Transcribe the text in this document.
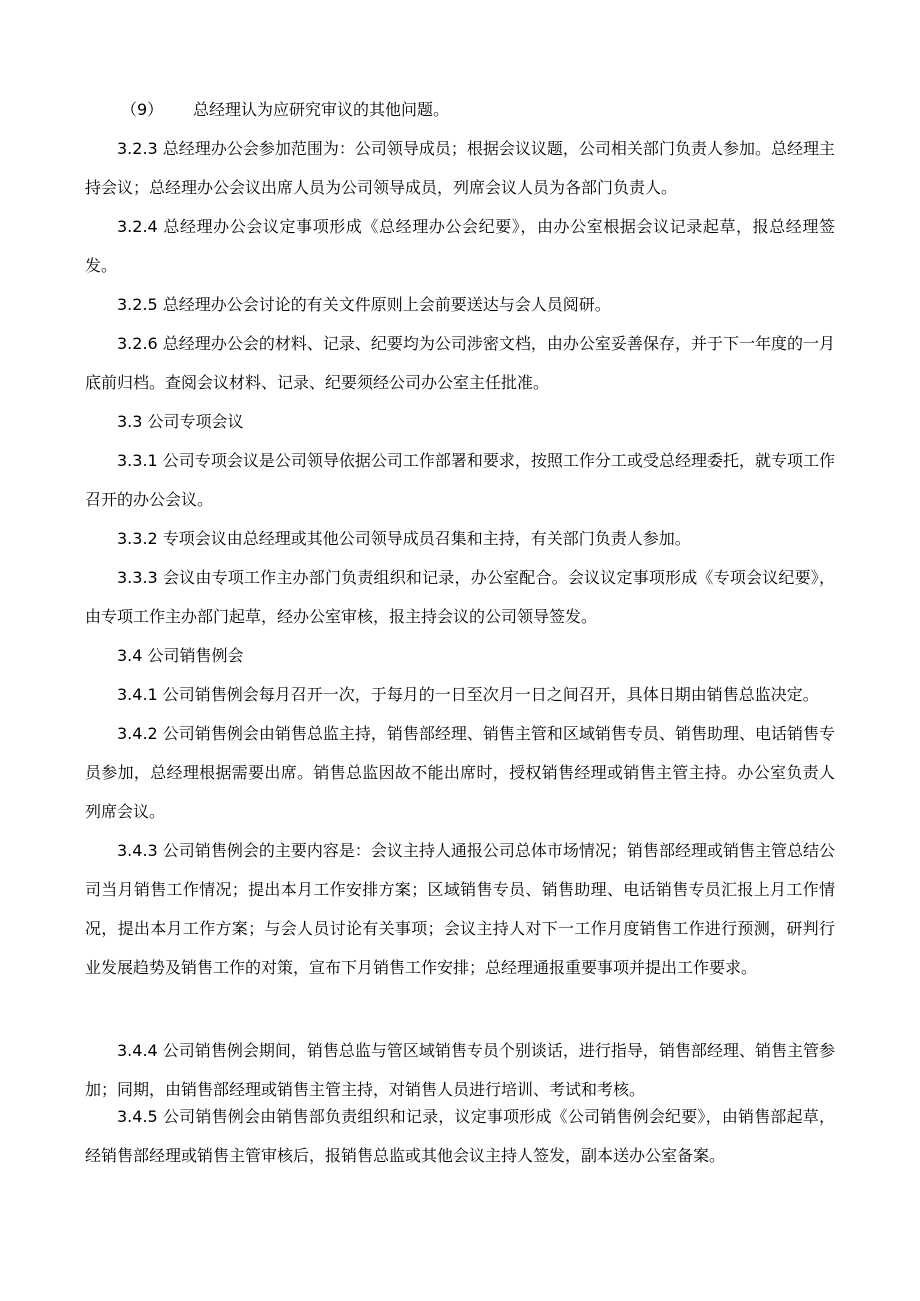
（9） 总经理认为应研究审议的其他问题。
3.2.3 总经理办公会参加范围为：公司领导成员；根据会议议题，公司相关部门负责人参加。总经理主持会议；总经理办公会议出席人员为公司领导成员，列席会议人员为各部门负责人。
3.2.4 总经理办公会议定事项形成《总经理办公会纪要》，由办公室根据会议记录起草，报总经理签发。
3.2.5 总经理办公会讨论的有关文件原则上会前要送达与会人员阅研。
3.2.6 总经理办公会的材料、记录、纪要均为公司涉密文档，由办公室妥善保存，并于下一年度的一月底前归档。查阅会议材料、记录、纪要须经公司办公室主任批准。
3.3 公司专项会议
3.3.1 公司专项会议是公司领导依据公司工作部署和要求，按照工作分工或受总经理委托，就专项工作召开的办公会议。
3.3.2 专项会议由总经理或其他公司领导成员召集和主持，有关部门负责人参加。
3.3.3 会议由专项工作主办部门负责组织和记录，办公室配合。会议议定事项形成《专项会议纪要》，由专项工作主办部门起草，经办公室审核，报主持会议的公司领导签发。
3.4 公司销售例会
3.4.1 公司销售例会每月召开一次，于每月的一日至次月一日之间召开，具体日期由销售总监决定。
3.4.2 公司销售例会由销售总监主持，销售部经理、销售主管和区域销售专员、销售助理、电话销售专员参加，总经理根据需要出席。销售总监因故不能出席时，授权销售经理或销售主管主持。办公室负责人列席会议。
3.4.3 公司销售例会的主要内容是：会议主持人通报公司总体市场情况；销售部经理或销售主管总结公司当月销售工作情况；提出本月工作安排方案；区域销售专员、销售助理、电话销售专员汇报上月工作情况，提出本月工作方案；与会人员讨论有关事项；会议主持人对下一工作月度销售工作进行预测，研判行业发展趋势及销售工作的对策，宣布下月销售工作安排；总经理通报重要事项并提出工作要求。
3.4.4 公司销售例会期间，销售总监与管区域销售专员个别谈话，进行指导，销售部经理、销售主管参加；同期，由销售部经理或销售主管主持，对销售人员进行培训、考试和考核。
3.4.5 公司销售例会由销售部负责组织和记录，议定事项形成《公司销售例会纪要》，由销售部起草，经销售部经理或销售主管审核后，报销售总监或其他会议主持人签发，副本送办公室备案。
